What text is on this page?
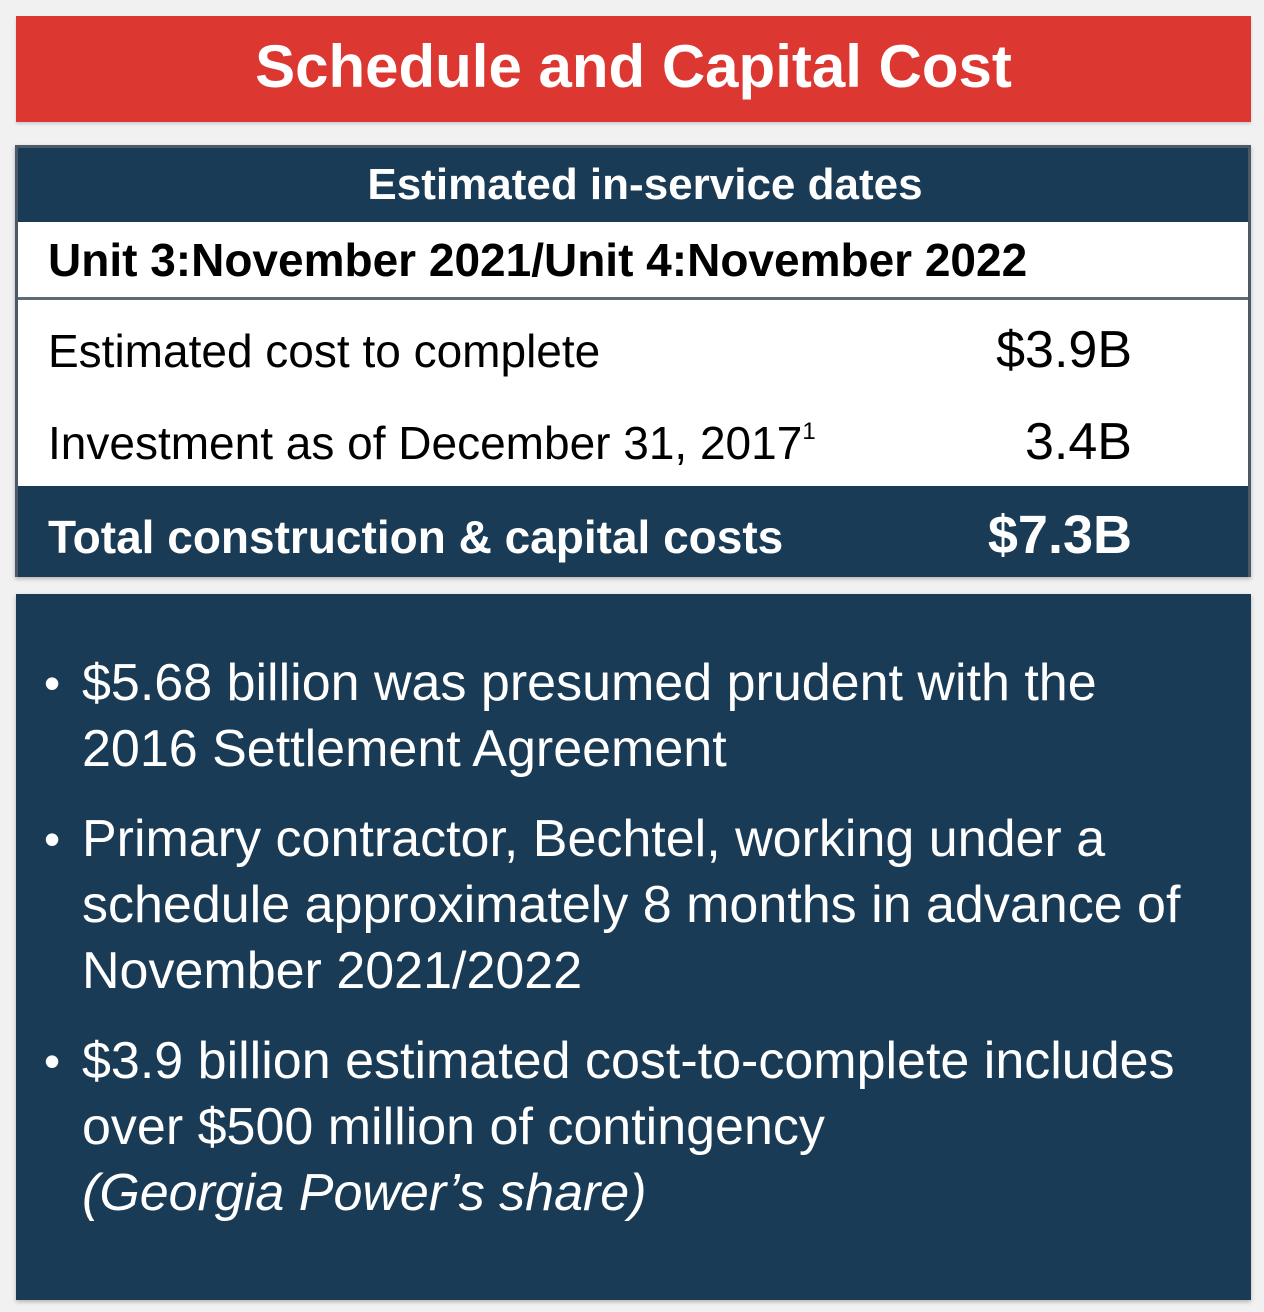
Schedule and Capital Cost
Estimated in-service dates
Unit 3: November 2021 / Unit 4: November 2022
Estimated cost to complete	$3.9B
Investment as of December 31, 2017$^1$	3.4B
Total construction & capital costs	$7.3B
• $5.68 billion was presumed prudent with the 2016 Settlement Agreement
• Primary contractor, Bechtel, working under a schedule approximately 8 months in advance of November 2021/2022
• $3.9 billion estimated cost-to-complete includes over $500 million of contingency
(Georgia Power’s share)
